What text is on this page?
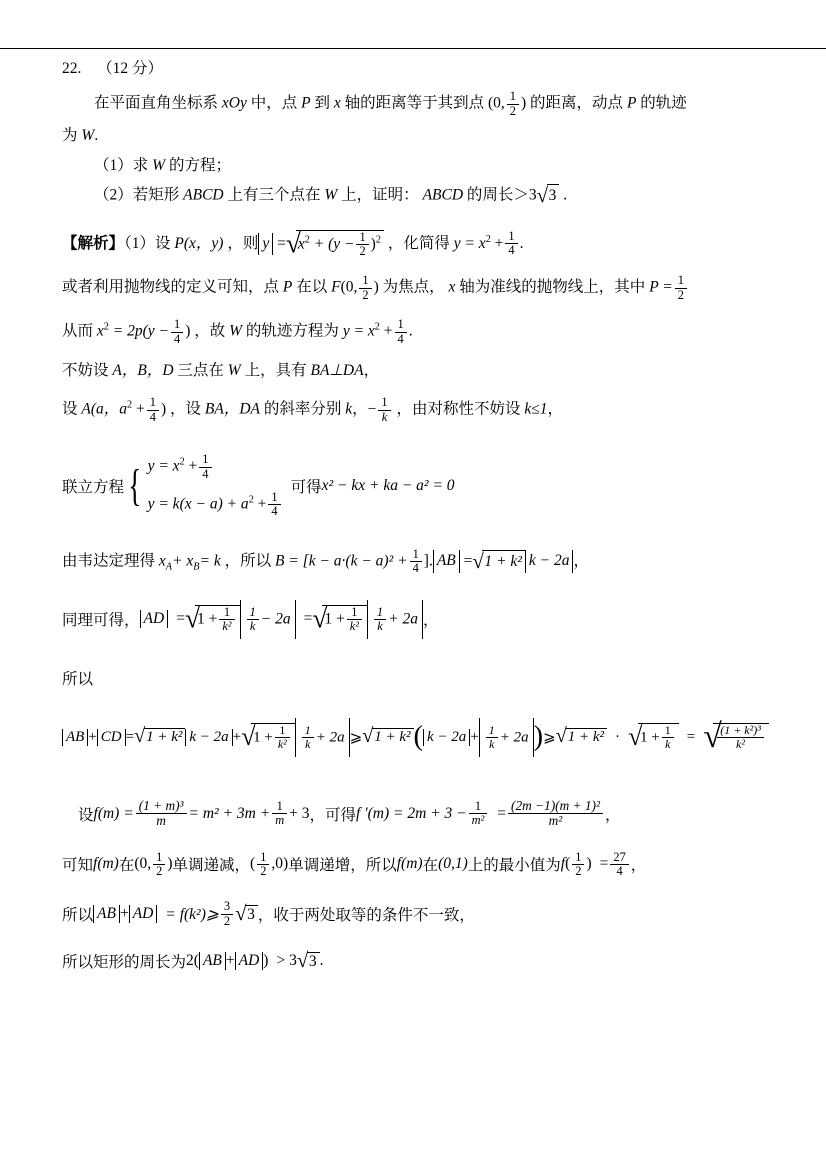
22. （12 分）
在平面直角坐标系 xOy 中，点 P 到 x 轴的距离等于其到点 (0, $\frac{1}{2}$ ) 的距离，动点 P 的轨迹
为 W.
（1）求 W 的方程；
（2）若矩形 ABCD 上有三个点在 W 上，证明： ABCD 的周长＞3 √ 3 .
【解析】（1）设 P(x，y) ，则 y = √ $x^2 + (y - \frac{1}{2} )^2$ ，化简得 $y = x^2 + \frac{1}{4}$ .
或者利用抛物线的定义可知，点 P 在以 F(0, $\frac{1}{2}$ ) 为焦点， x 轴为准线的抛物线上，其中 $P = \frac{1}{2}$
从而 $x^2 = 2p(y - \frac{1}{4}$ ) ，故 W 的轨迹方程为 $y = x^2 + \frac{1}{4}$ .
不妨设 A，B，D 三点在 W 上，具有 BA⊥DA，
设 A(a，$a^2 + \frac{1}{4}$ ) ，设 BA，DA 的斜率分别 k，− $\frac{1}{k}$ ，由对称性不妨设 k≤1，
联立方程 { $y = x^2 + \frac{1}{4}$
$y = k(x - a) + a^2 + \frac{1}{4}$
可得 x² − kx + ka − a² = 0
由韦达定理得 $x_A+ x_B= k$ ，所以 $B = [k - a\cdot(k - a)^2 + \frac{1}{4}$ ]. AB = √ 1 + k² k − 2a ，
同理可得， AD = √ $1 + \frac{1}{\text{k²}} \frac{1}{k} - 2a$ = √ $1 + \frac{1}{\text{k²}} \frac{1}{k} + 2a$ ，
所以
AB + CD = √ 1 + k² k − 2a + √ $1 + \frac{1}{\text{k²}} \frac{1}{k} + 2a$ ⩾ √ 1 + k² ( $k - 2a + \frac{1}{k} + 2a$ ) ⩾ √ 1 + k² ·	√ $1 + \frac{1}{k}$ = √ $\frac{\text{(1 + k²)³}}{\text{k²}}$
设 $f(m) = \frac{\text{(1 + m)³}}{m} = m^2 + 3m + \frac{1}{m} + 3$ ，可得 f $'(m) = 2m + 3 - \frac{1}{\text{m²}} = \frac{\text{(2m −1)(m + 1)²}}{\text{m²}}$ ，
可知 f(m) 在 (0, $\frac{1}{2}$ ) 单调递减， ( $\frac{1}{2} ,0$) 单调递增，所以 f(m) 在 (0,1) 上的最小值为 f ( $\frac{1}{2}$ ) = $\frac{27}{4}$ ，
所以 AB + AD = f(k²)⩾ $\frac{3}{2}$ √ 3 ，收于两处取等的条件不一致，
所以矩形的周长为 2( AB + AD ) > 3 √ 3 .
